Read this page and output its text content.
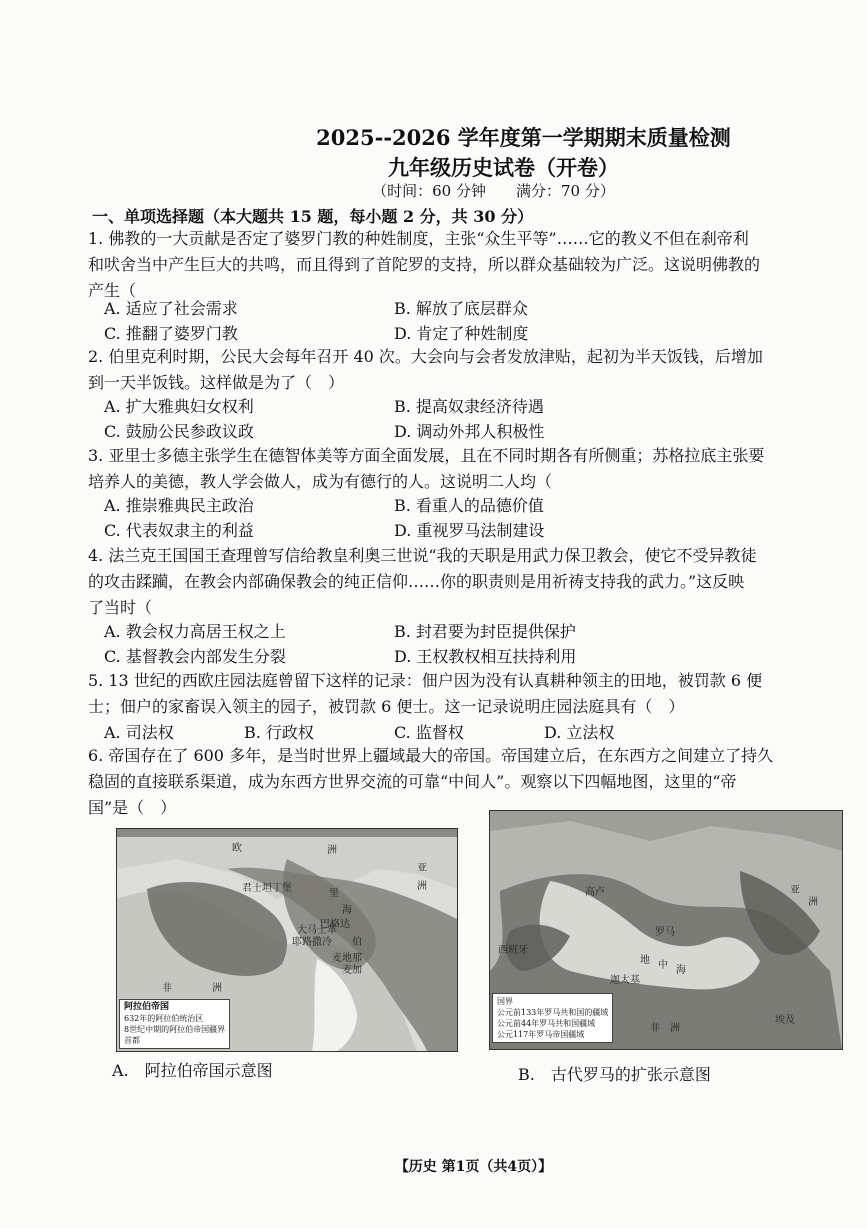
2025--2026 学年度第一学期期末质量检测
九年级历史试卷（开卷）
（时间：60 分钟　　满分：70 分）
一、单项选择题（本大题共 15 题，每小题 2 分，共 30 分）
1. 佛教的一大贡献是否定了婆罗门教的种姓制度，主张“众生平等”……它的教义不但在刹帝利
和吠舍当中产生巨大的共鸣，而且得到了首陀罗的支持，所以群众基础较为广泛。这说明佛教的
产生（
A. 适应了社会需求	B. 解放了底层群众
C. 推翻了婆罗门教	D. 肯定了种姓制度
2. 伯里克利时期，公民大会每年召开 40 次。大会向与会者发放津贴，起初为半天饭钱，后增加
到一天半饭钱。这样做是为了（　）
A. 扩大雅典妇女权利	B. 提高奴隶经济待遇
C. 鼓励公民参政议政	D. 调动外邦人积极性
3. 亚里士多德主张学生在德智体美等方面全面发展，且在不同时期各有所侧重；苏格拉底主张要
培养人的美德，教人学会做人，成为有德行的人。这说明二人均（
A. 推崇雅典民主政治	B. 看重人的品德价值
C. 代表奴隶主的利益	D. 重视罗马法制建设
4. 法兰克王国国王查理曾写信给教皇利奥三世说“我的天职是用武力保卫教会，使它不受异教徒
的攻击蹂躏，在教会内部确保教会的纯正信仰……你的职责则是用祈祷支持我的武力。”这反映
了当时（
A. 教会权力高居王权之上	B. 封君要为封臣提供保护
C. 基督教会内部发生分裂	D. 王权教权相互扶持利用
5. 13 世纪的西欧庄园法庭曾留下这样的记录：佃户因为没有认真耕种领主的田地，被罚款 6 便
士；佃户的家畜误入领主的园子，被罚款 6 便士。这一记录说明庄园法庭具有（　）
A. 司法权	B. 行政权	C. 监督权	D. 立法权
6. 帝国存在了 600 多年，是当时世界上疆域最大的帝国。帝国建立后，在东西方之间建立了持久
稳固的直接联系渠道，成为东西方世界交流的可靠“中间人”。观察以下四幅地图，这里的“帝
国”是（　）
欧	洲
君士坦丁堡	里
海
大马士革
巴格达
耶路撒冷 伯
麦地那
麦加
非	洲
亚
洲
阿拉伯帝国
632年的阿拉伯统治区
8世纪中期的阿拉伯帝国疆界
首都
A.　阿拉伯帝国示意图
西班牙
高卢
罗马
迦太基
埃及
亚
洲
非 洲
地 中 海
国界
公元前133年罗马共和国的疆域
公元前44年罗马共和国疆域
公元117年罗马帝国疆域
B.　古代罗马的扩张示意图
【历史 第1页（共4页）】
